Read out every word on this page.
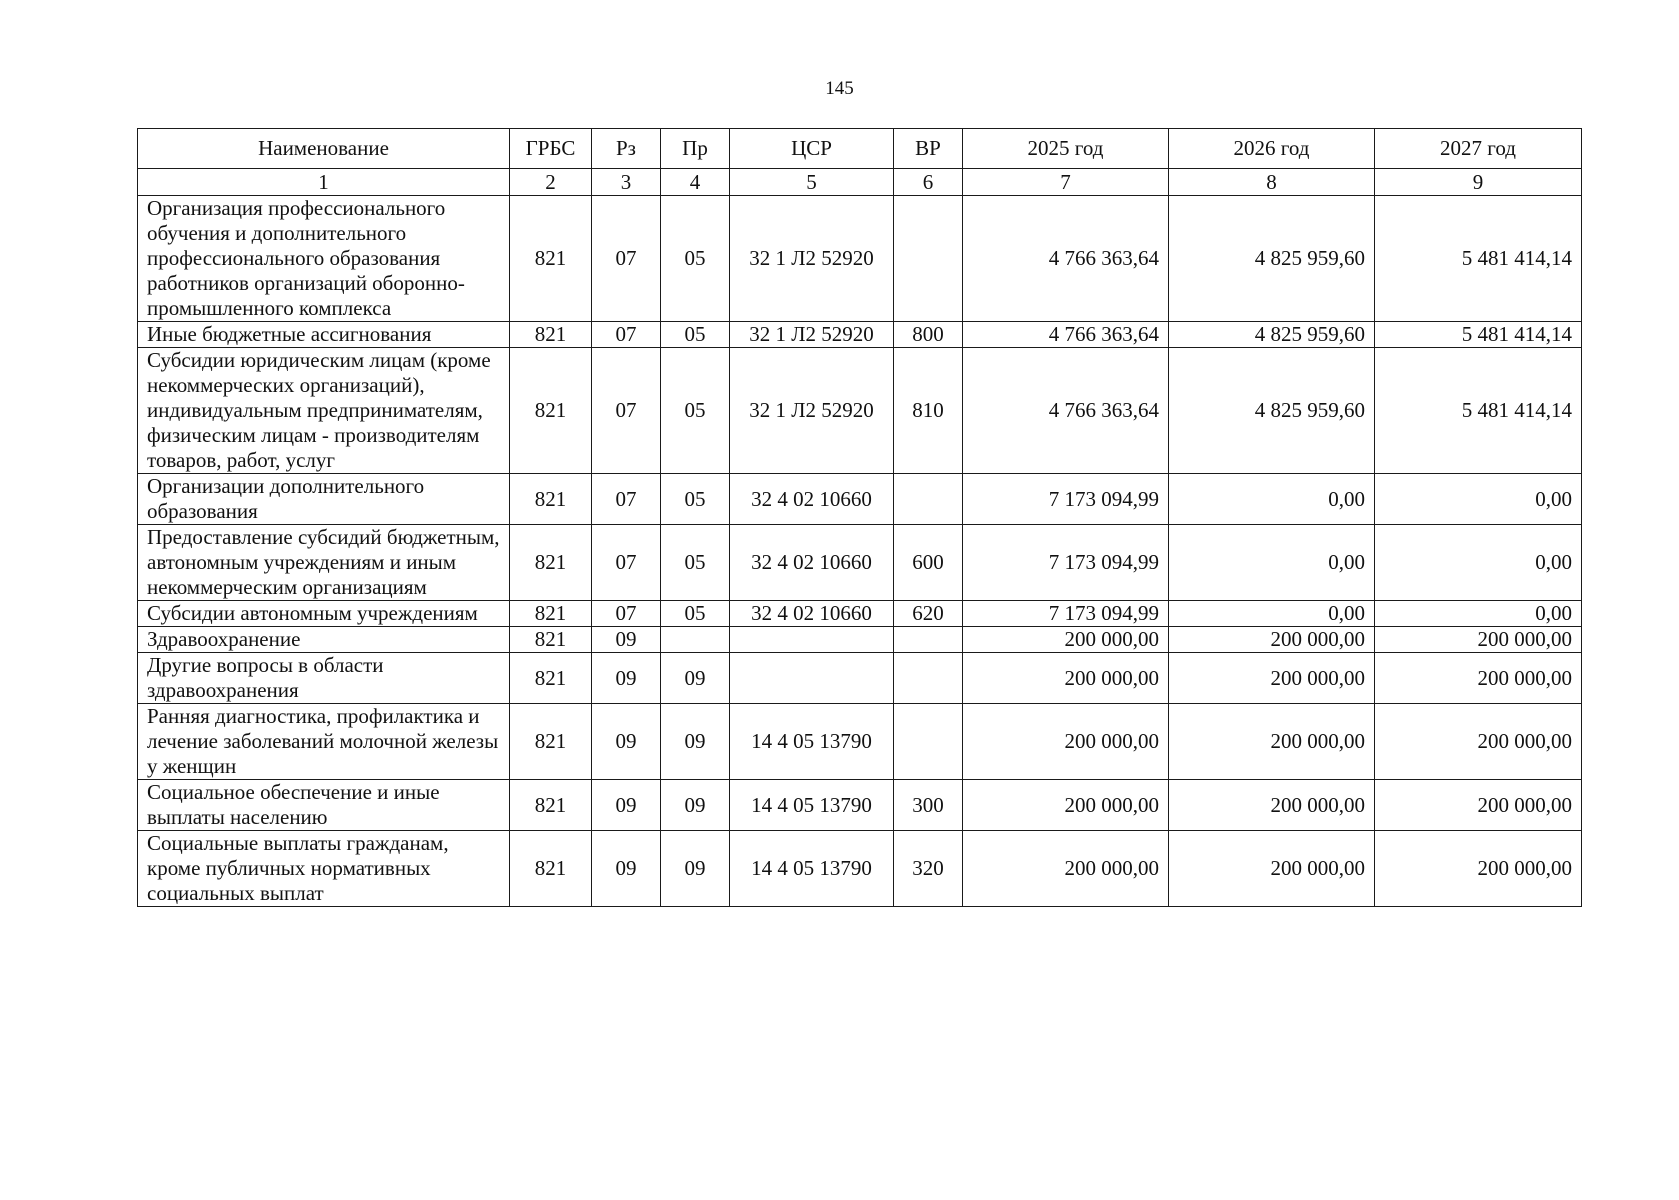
145
Наименование	ГРБС	Рз	Пр	ЦСР	ВР	2025 год	2026 год	2027 год
1	2	3	4	5	6	7	8	9
Организация профессионального обучения и дополнительного профессионального образования работников организаций оборонно-промышленного комплекса	821	07	05	32 1 Л2 52920		4 766 363,64	4 825 959,60	5 481 414,14
Иные бюджетные ассигнования	821	07	05	32 1 Л2 52920	800	4 766 363,64	4 825 959,60	5 481 414,14
Субсидии юридическим лицам (кроме некоммерческих организаций), индивидуальным предпринимателям, физическим лицам - производителям товаров, работ, услуг	821	07	05	32 1 Л2 52920	810	4 766 363,64	4 825 959,60	5 481 414,14
Организации дополнительного образования	821	07	05	32 4 02 10660		7 173 094,99	0,00	0,00
Предоставление субсидий бюджетным, автономным учреждениям и иным некоммерческим организациям	821	07	05	32 4 02 10660	600	7 173 094,99	0,00	0,00
Субсидии автономным учреждениям	821	07	05	32 4 02 10660	620	7 173 094,99	0,00	0,00
Здравоохранение	821	09				200 000,00	200 000,00	200 000,00
Другие вопросы в области здравоохранения	821	09	09			200 000,00	200 000,00	200 000,00
Ранняя диагностика, профилактика и лечение заболеваний молочной железы у женщин	821	09	09	14 4 05 13790		200 000,00	200 000,00	200 000,00
Социальное обеспечение и иные выплаты населению	821	09	09	14 4 05 13790	300	200 000,00	200 000,00	200 000,00
Социальные выплаты гражданам, кроме публичных нормативных социальных выплат	821	09	09	14 4 05 13790	320	200 000,00	200 000,00	200 000,00
